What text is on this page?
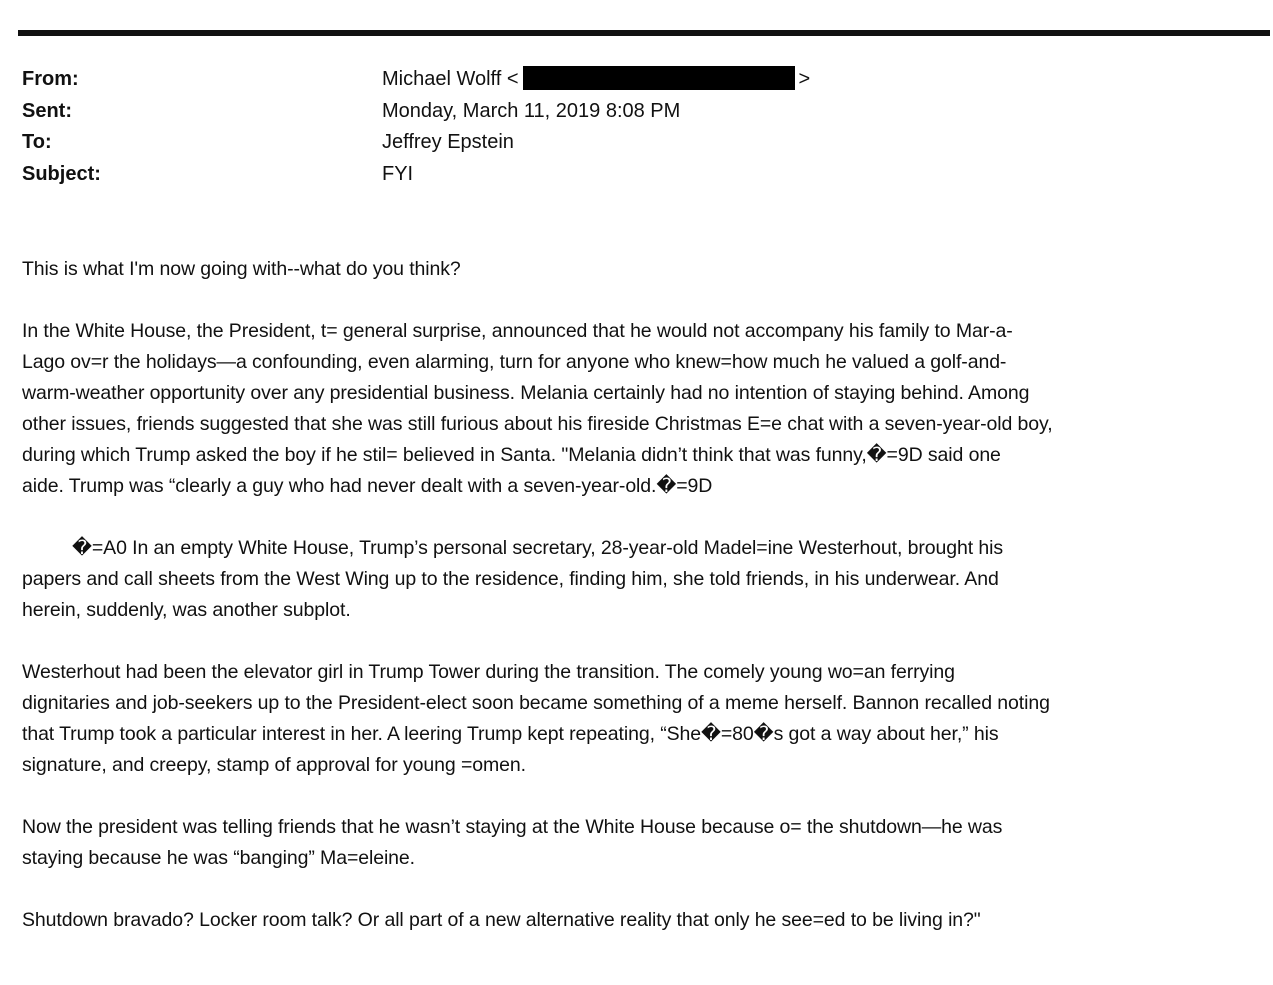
From:	Michael Wolff <	>
Sent:	Monday, March 11, 2019 8:08 PM
To:	Jeffrey Epstein
Subject:	FYI
This is what I'm now going with--what do you think?
In the White House, the President, t= general surprise, announced that he would not accompany his family to Mar-a-
Lago ov=r the holidays—a confounding, even alarming, turn for anyone who knew=how much he valued a golf-and-
warm-weather opportunity over any presidential business. Melania certainly had no intention of staying behind. Among
other issues, friends suggested that she was still furious about his fireside Christmas E=e chat with a seven-year-old boy,
during which Trump asked the boy if he stil= believed in Santa. "Melania didn’t think that was funny,�=9D said one
aide. Trump was “clearly a guy who had never dealt with a seven-year-old.�=9D
�=A0 In an empty White House, Trump’s personal secretary, 28-year-old Madel=ine Westerhout, brought his
papers and call sheets from the West Wing up to the residence, finding him, she told friends, in his underwear. And
herein, suddenly, was another subplot.
Westerhout had been the elevator girl in Trump Tower during the transition. The comely young wo=an ferrying
dignitaries and job-seekers up to the President-elect soon became something of a meme herself. Bannon recalled noting
that Trump took a particular interest in her. A leering Trump kept repeating, “She�=80�s got a way about her,” his
signature, and creepy, stamp of approval for young =omen.
Now the president was telling friends that he wasn’t staying at the White House because o= the shutdown—he was
staying because he was “banging” Ma=eleine.
Shutdown bravado? Locker room talk? Or all part of a new alternative reality that only he see=ed to be living in?"
